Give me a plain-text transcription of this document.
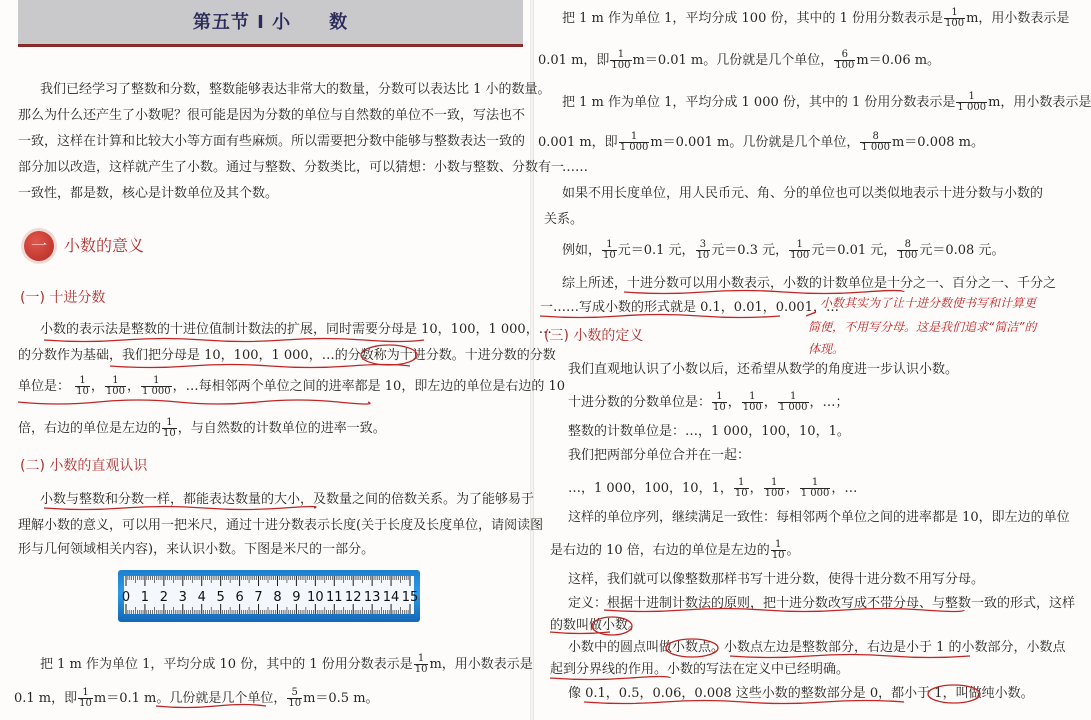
第五节 Ⅰ 小　　数
我们已经学习了整数和分数，整数能够表达非常大的数量，分数可以表达比 1 小的数量。
那么为什么还产生了小数呢？很可能是因为分数的单位与自然数的单位不一致，写法也不
一致，这样在计算和比较大小等方面有些麻烦。所以需要把分数中能够与整数表达一致的
部分加以改造，这样就产生了小数。通过与整数、分数类比，可以猜想：小数与整数、分数有一
一致性，都是数，核心是计数单位及其个数。
一	小数的意义
(一) 十进分数
小数的表示法是整数的十进位值制计数法的扩展，同时需要分母是 10，100，1 000，…
的分数作为基础，我们把分母是 10，100，1 000，…的分数称为十进分数。十进分数的分数
单位是： $\frac{1}{10}$ ， $\frac{1}{100}$ ， $\frac{1}{1 000}$ ，…每相邻两个单位之间的进率都是 10，即左边的单位是右边的 10
倍，右边的单位是左边的 $\frac{1}{10}$ ，与自然数的计数单位的进率一致。
(二) 小数的直观认识
小数与整数和分数一样，都能表达数量的大小，及数量之间的倍数关系。为了能够易于
理解小数的意义，可以用一把米尺，通过十进分数表示长度(关于长度及长度单位，请阅读图
形与几何领域相关内容)，来认识小数。下图是米尺的一部分。
0 1 2 3 4 5 6 7 8 9 10 11 12 13 14 15
把 1 m 作为单位 1，平均分成 10 份，其中的 1 份用分数表示是 $\frac{1}{10}$ m，用小数表示是
0.1 m，即 $\frac{1}{10} m=0.1$ m。几份就是几个单位， $\frac{5}{10} m=0.5$ m。
把 1 m 作为单位 1，平均分成 100 份，其中的 1 份用分数表示是 $\frac{1}{100}$ m，用小数表示是
0.01 m，即 $\frac{1}{100} m=0.01$ m。几份就是几个单位， $\frac{6}{100} m=0.06$ m。
把 1 m 作为单位 1，平均分成 1 000 份，其中的 1 份用分数表示是 $\frac{1}{1 000}$ m，用小数表示是
0.001 m，即 $\frac{1}{1 000} m=0.001$ m。几份就是几个单位， $\frac{8}{1 000} m=0.008$ m。
……
如果不用长度单位，用人民币元、角、分的单位也可以类似地表示十进分数与小数的
关系。
例如， $\frac{1}{10}$ 元＝0.1 元， $\frac{3}{10}$ 元＝0.3 元， $\frac{1}{100}$ 元＝0.01 元， $\frac{8}{100}$ 元＝0.08 元。
综上所述，十进分数可以用小数表示，小数的计数单位是十分之一、百分之一、千分之
一……写成小数的形式就是 0.1，0.01，0.001，…
(三) 小数的定义
我们直观地认识了小数以后，还希望从数学的角度进一步认识小数。
十进分数的分数单位是： $\frac{1}{10}$ ， $\frac{1}{100}$ ， $\frac{1}{1 000}$ ，…；
整数的计数单位是：…，1 000，100，10，1。
我们把两部分单位合并在一起：
…，1 000，100，10，1， $\frac{1}{10}$ ， $\frac{1}{100}$ ， $\frac{1}{1 000}$ ，…
这样的单位序列，继续满足一致性：每相邻两个单位之间的进率都是 10，即左边的单位
是右边的 10 倍，右边的单位是左边的 $\frac{1}{10}$ 。
这样，我们就可以像整数那样书写十进分数，使得十进分数不用写分母。
定义：根据十进制计数法的原则，把十进分数改写成不带分母、与整数一致的形式，这样
的数叫做小数。
小数中的圆点叫做小数点。小数点左边是整数部分，右边是小于 1 的小数部分，小数点
起到分界线的作用。小数的写法在定义中已经明确。
像 0.1，0.5，0.06，0.008 这些小数的整数部分是 0，都小于 1，叫做纯小数。
小数其实为了让十进分数使书写和计算更
简便，不用写分母。这是我们追求“简洁”的
体现。
